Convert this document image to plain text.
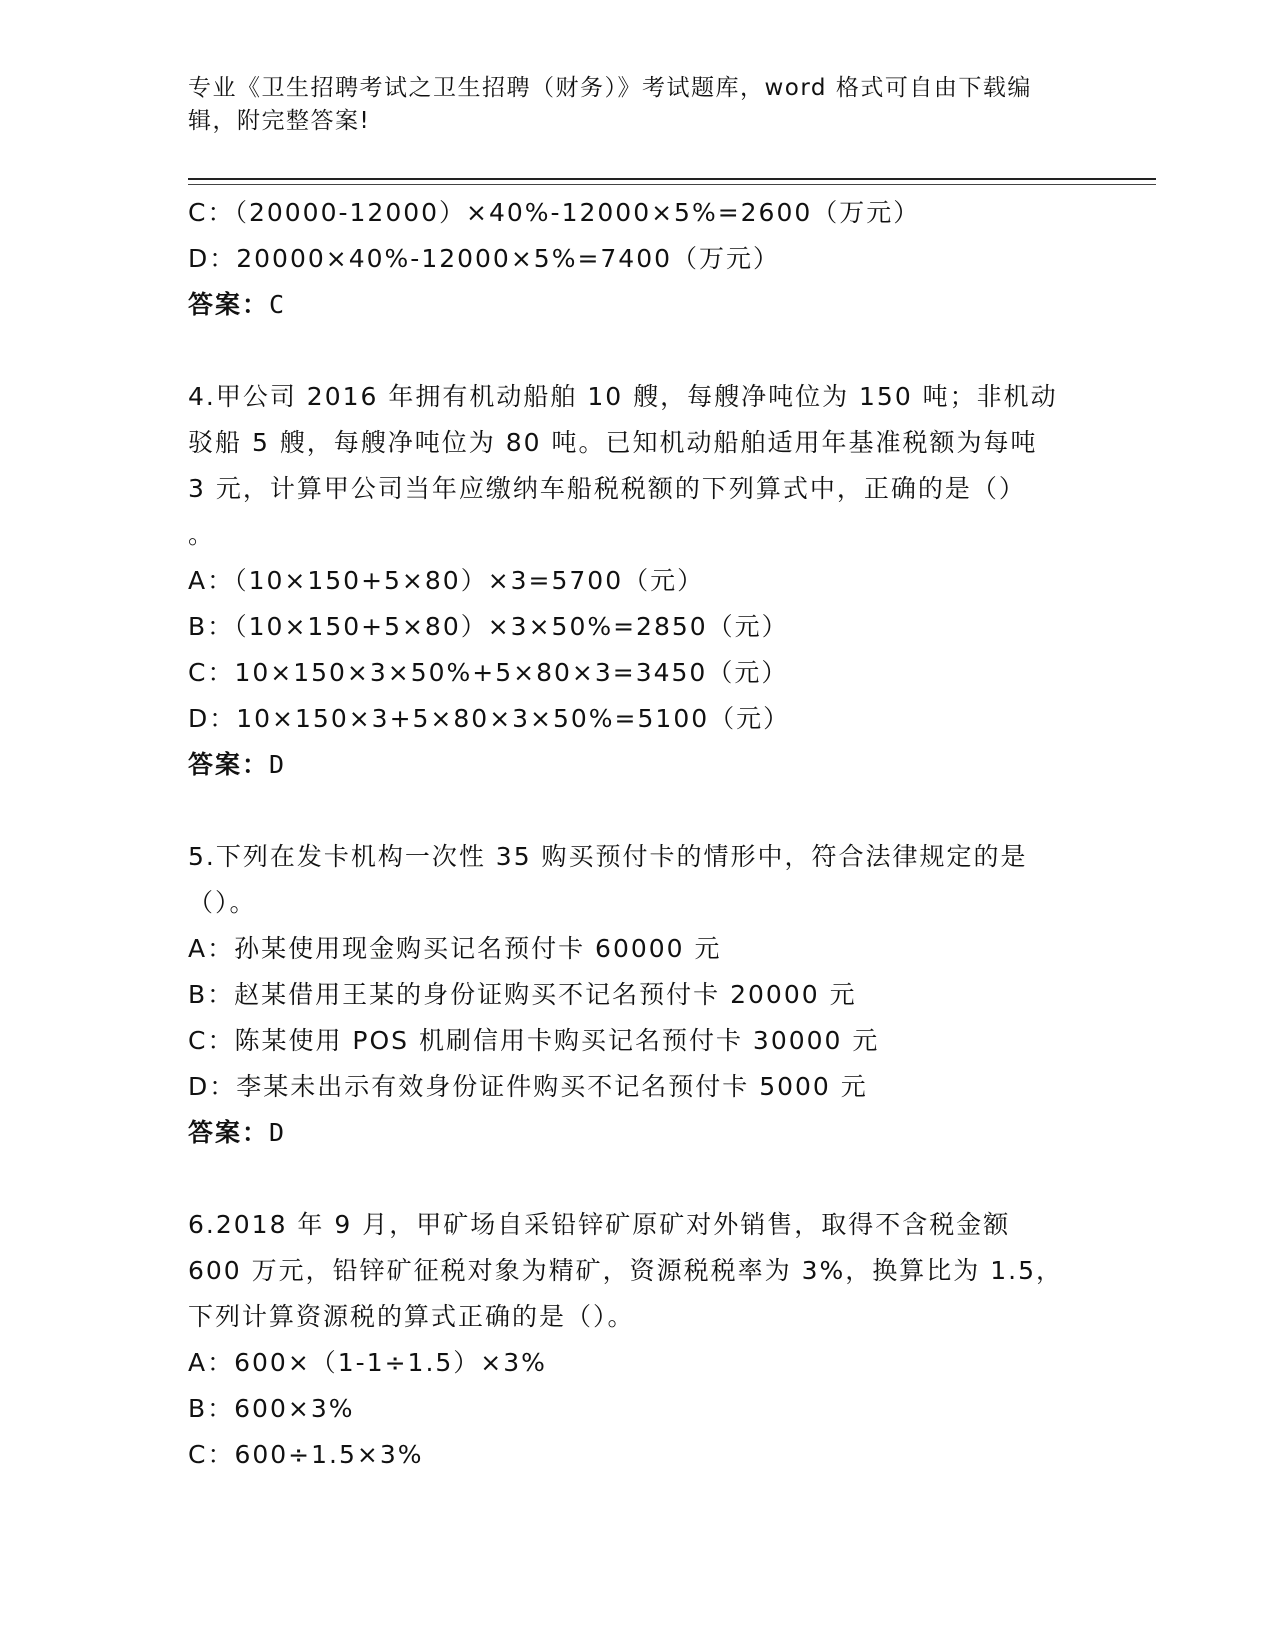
专业《卫生招聘考试之卫生招聘（财务）》考试题库，word 格式可自由下载编辑，附完整答案!
C：（20000-12000）×40%-12000×5%=2600（万元）
D：20000×40%-12000×5%=7400（万元）
答案：C
4.甲公司 2016 年拥有机动船舶 10 艘，每艘净吨位为 150 吨；非机动
驳船 5 艘，每艘净吨位为 80 吨。已知机动船舶适用年基准税额为每吨
3 元，计算甲公司当年应缴纳车船税税额的下列算式中，正确的是（）
。
A：（10×150+5×80）×3=5700（元）
B：（10×150+5×80）×3×50%=2850（元）
C：10×150×3×50%+5×80×3=3450（元）
D：10×150×3+5×80×3×50%=5100（元）
答案：D
5.下列在发卡机构一次性 35 购买预付卡的情形中，符合法律规定的是
（）。
A：孙某使用现金购买记名预付卡 60000 元
B：赵某借用王某的身份证购买不记名预付卡 20000 元
C：陈某使用 POS 机刷信用卡购买记名预付卡 30000 元
D：李某未出示有效身份证件购买不记名预付卡 5000 元
答案：D
6.2018 年 9 月，甲矿场自采铅锌矿原矿对外销售，取得不含税金额
600 万元，铅锌矿征税对象为精矿，资源税税率为 3%，换算比为 1.5，
下列计算资源税的算式正确的是（）。
A：600×（1-1÷1.5）×3%
B：600×3%
C：600÷1.5×3%
